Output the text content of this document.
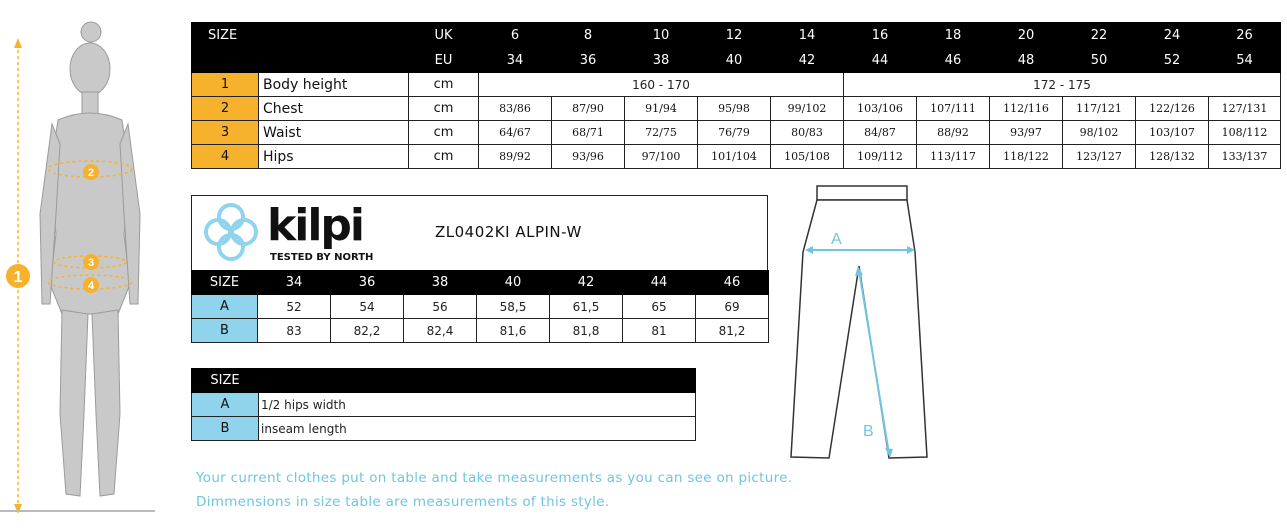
1
2
3
4
SIZE		UK	6	8	10	12	14	16	18	20	22	24	26
		EU	34	36	38	40	42	44	46	48	50	52	54
1	Body height	cm	160 - 170					172 - 175					
2	Chest	cm	83/86	87/90	91/94	95/98	99/102	103/106	107/111	112/116	117/121	122/126	127/131
3	Waist	cm	64/67	68/71	72/75	76/79	80/83	84/87	88/92	93/97	98/102	103/107	108/112
4	Hips	cm	89/92	93/96	97/100	101/104	105/108	109/112	113/117	118/122	123/127	128/132	133/137
kilpi
TESTED BY NORTH
ZL0402KI ALPIN-W
SIZE	34	36	38	40	42	44	46
A	52	54	56	58,5	61,5	65	69
B	83	82,2	82,4	81,6	81,8	81	81,2
SIZE	
A	1/2 hips width
B	inseam length
A
B
Your current clothes put on table and take measurements as you can see on picture.
Dimmensions in size table are measurements of this style.
